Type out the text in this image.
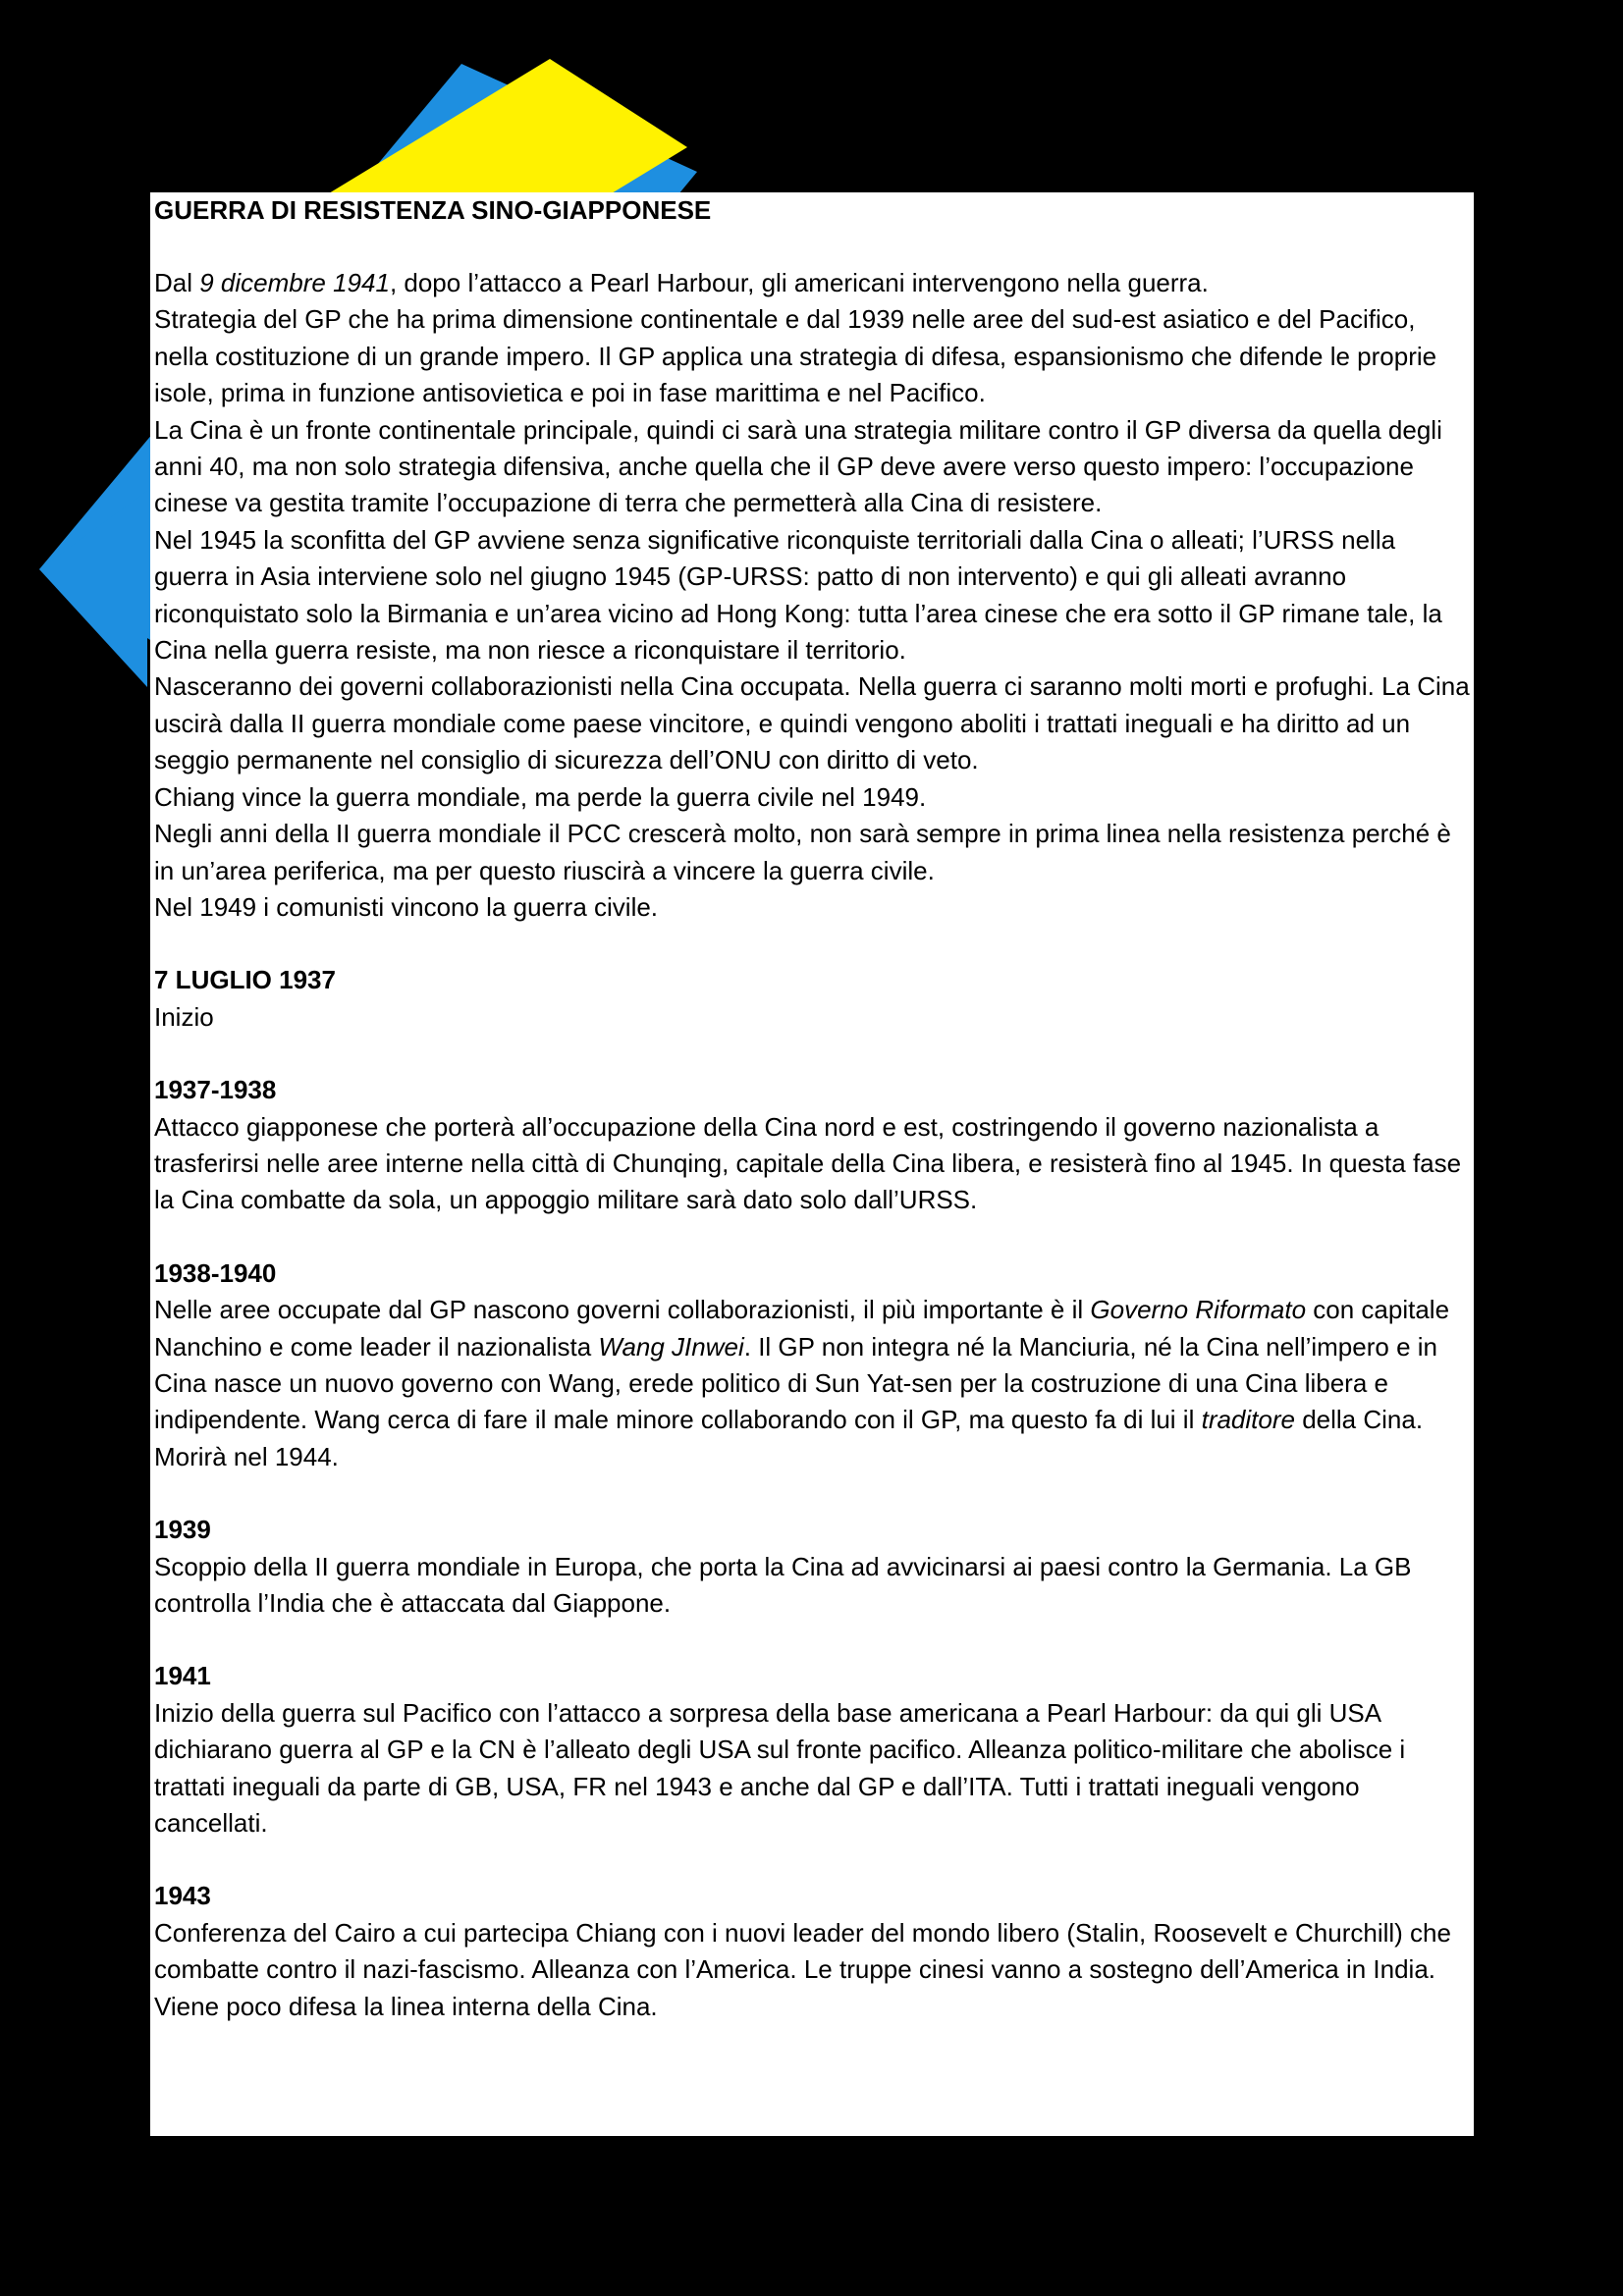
GUERRA DI RESISTENZA SINO-GIAPPONESE

Dal 9 dicembre 1941, dopo l’attacco a Pearl Harbour, gli americani intervengono nella guerra.

Strategia del GP che ha prima dimensione continentale e dal 1939 nelle aree del sud-est asiatico e del Pacifico, nella costituzione di un grande impero. Il GP applica una strategia di difesa, espansionismo che difende le proprie isole, prima in funzione antisovietica e poi in fase marittima e nel Pacifico.

La Cina è un fronte continentale principale, quindi ci sarà una strategia militare contro il GP diversa da quella degli anni 40, ma non solo strategia difensiva, anche quella che il GP deve avere verso questo impero: l’occupazione cinese va gestita tramite l’occupazione di terra che permetterà alla Cina di resistere.

Nel 1945 la sconfitta del GP avviene senza significative riconquiste territoriali dalla Cina o alleati; l’URSS nella guerra in Asia interviene solo nel giugno 1945 (GP-URSS: patto di non intervento) e qui gli alleati avranno riconquistato solo la Birmania e un’area vicino ad Hong Kong: tutta l’area cinese che era sotto il GP rimane tale, la Cina nella guerra resiste, ma non riesce a riconquistare il territorio.

Nasceranno dei governi collaborazionisti nella Cina occupata. Nella guerra ci saranno molti morti e profughi. La Cina uscirà dalla II guerra mondiale come paese vincitore, e quindi vengono aboliti i trattati ineguali e ha diritto ad un seggio permanente nel consiglio di sicurezza dell’ONU con diritto di veto.

Chiang vince la guerra mondiale, ma perde la guerra civile nel 1949.

Negli anni della II guerra mondiale il PCC crescerà molto, non sarà sempre in prima linea nella resistenza perché è in un’area periferica, ma per questo riuscirà a vincere la guerra civile.

Nel 1949 i comunisti vincono la guerra civile.

7 LUGLIO 1937

Inizio

1937-1938

Attacco giapponese che porterà all’occupazione della Cina nord e est, costringendo il governo nazionalista a trasferirsi nelle aree interne nella città di Chunqing, capitale della Cina libera, e resisterà fino al 1945. In questa fase la Cina combatte da sola, un appoggio militare sarà dato solo dall’URSS.

1938-1940

Nelle aree occupate dal GP nascono governi collaborazionisti, il più importante è il Governo Riformato con capitale Nanchino e come leader il nazionalista Wang JInwei. Il GP non integra né la Manciuria, né la Cina nell’impero e in Cina nasce un nuovo governo con Wang, erede politico di Sun Yat-sen per la costruzione di una Cina libera e indipendente. Wang cerca di fare il male minore collaborando con il GP, ma questo fa di lui il traditore della Cina. Morirà nel 1944.

1939

Scoppio della II guerra mondiale in Europa, che porta la Cina ad avvicinarsi ai paesi contro la Germania. La GB controlla l’India che è attaccata dal Giappone.

1941

Inizio della guerra sul Pacifico con l’attacco a sorpresa della base americana a Pearl Harbour: da qui gli USA dichiarano guerra al GP e la CN è l’alleato degli USA sul fronte pacifico. Alleanza politico-militare che abolisce i trattati ineguali da parte di GB, USA, FR nel 1943 e anche dal GP e dall’ITA. Tutti i trattati ineguali vengono cancellati.

1943

Conferenza del Cairo a cui partecipa Chiang con i nuovi leader del mondo libero (Stalin, Roosevelt e Churchill) che combatte contro il nazi-fascismo. Alleanza con l’America. Le truppe cinesi vanno a sostegno dell’America in India. Viene poco difesa la linea interna della Cina.
